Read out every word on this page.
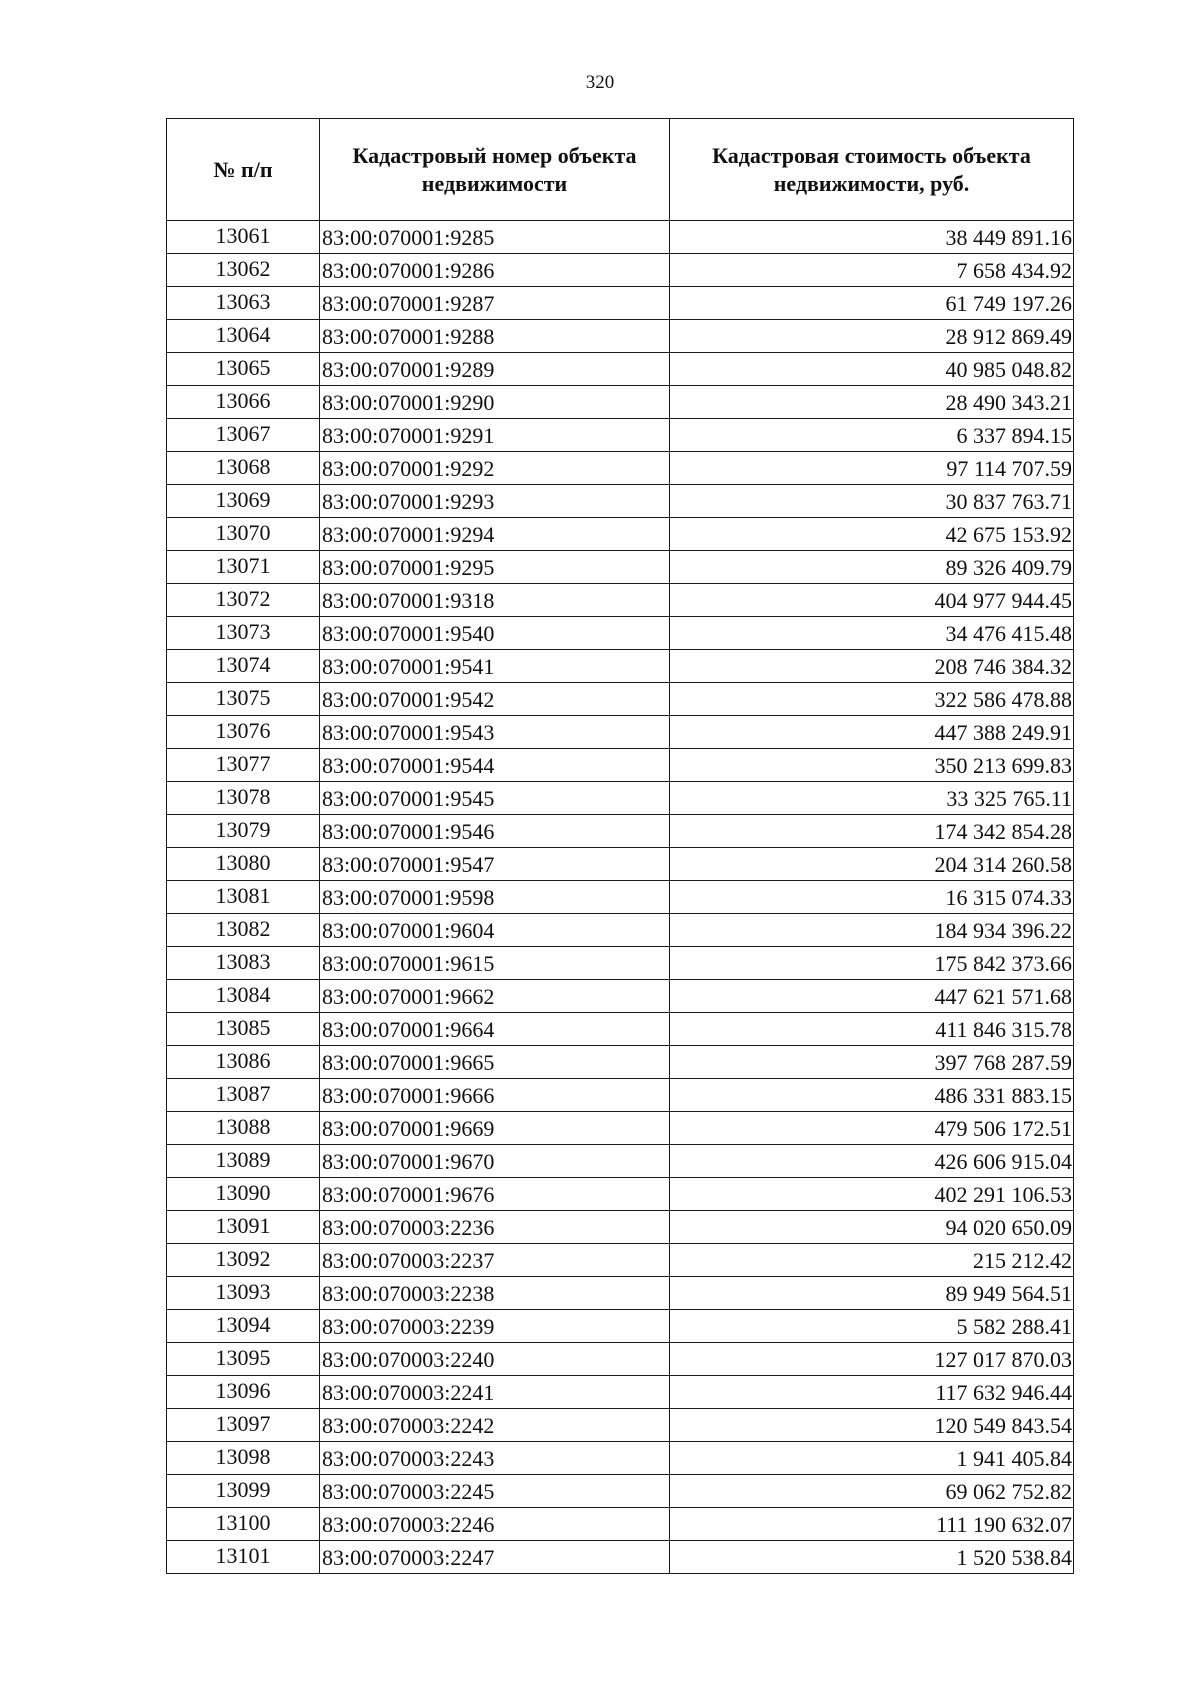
320
№ п/п	Кадастровый номер объекта недвижимости	Кадастровая стоимость объекта недвижимости, руб.
13061	83:00:070001:9285	38 449 891.16
13062	83:00:070001:9286	7 658 434.92
13063	83:00:070001:9287	61 749 197.26
13064	83:00:070001:9288	28 912 869.49
13065	83:00:070001:9289	40 985 048.82
13066	83:00:070001:9290	28 490 343.21
13067	83:00:070001:9291	6 337 894.15
13068	83:00:070001:9292	97 114 707.59
13069	83:00:070001:9293	30 837 763.71
13070	83:00:070001:9294	42 675 153.92
13071	83:00:070001:9295	89 326 409.79
13072	83:00:070001:9318	404 977 944.45
13073	83:00:070001:9540	34 476 415.48
13074	83:00:070001:9541	208 746 384.32
13075	83:00:070001:9542	322 586 478.88
13076	83:00:070001:9543	447 388 249.91
13077	83:00:070001:9544	350 213 699.83
13078	83:00:070001:9545	33 325 765.11
13079	83:00:070001:9546	174 342 854.28
13080	83:00:070001:9547	204 314 260.58
13081	83:00:070001:9598	16 315 074.33
13082	83:00:070001:9604	184 934 396.22
13083	83:00:070001:9615	175 842 373.66
13084	83:00:070001:9662	447 621 571.68
13085	83:00:070001:9664	411 846 315.78
13086	83:00:070001:9665	397 768 287.59
13087	83:00:070001:9666	486 331 883.15
13088	83:00:070001:9669	479 506 172.51
13089	83:00:070001:9670	426 606 915.04
13090	83:00:070001:9676	402 291 106.53
13091	83:00:070003:2236	94 020 650.09
13092	83:00:070003:2237	215 212.42
13093	83:00:070003:2238	89 949 564.51
13094	83:00:070003:2239	5 582 288.41
13095	83:00:070003:2240	127 017 870.03
13096	83:00:070003:2241	117 632 946.44
13097	83:00:070003:2242	120 549 843.54
13098	83:00:070003:2243	1 941 405.84
13099	83:00:070003:2245	69 062 752.82
13100	83:00:070003:2246	111 190 632.07
13101	83:00:070003:2247	1 520 538.84
